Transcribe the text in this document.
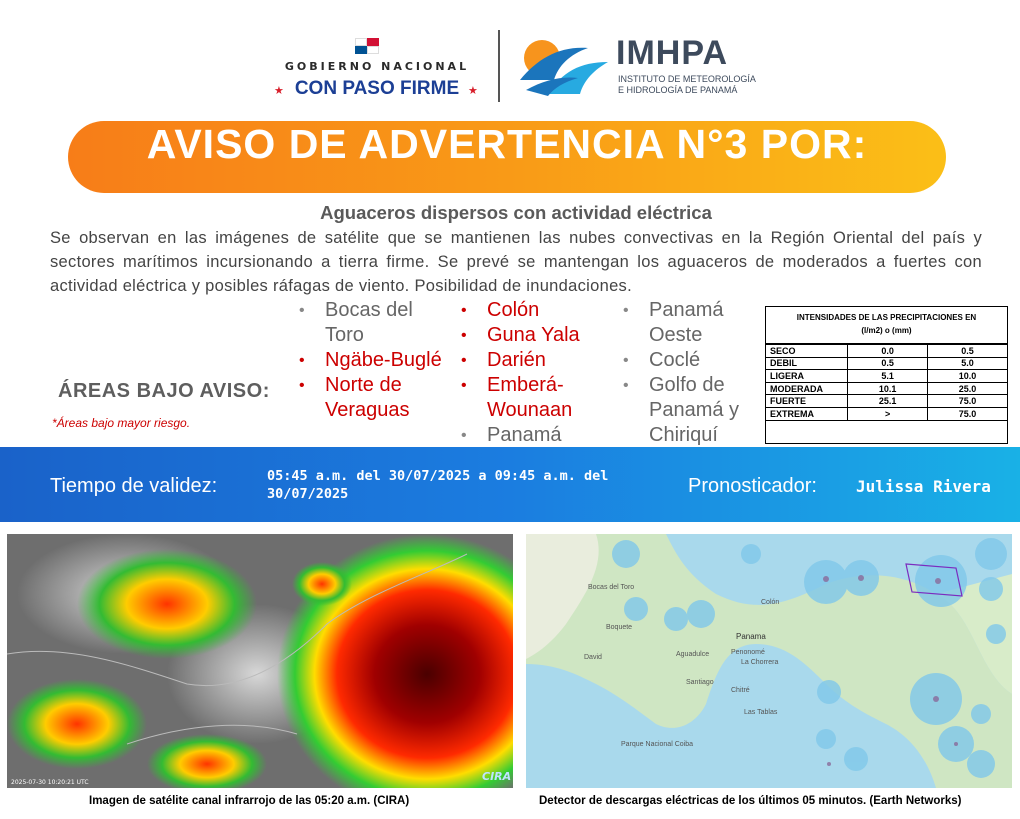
GOBIERNO NACIONAL
★ CON PASO FIRME ★
IMHPA
INSTITUTO DE METEOROLOGÍA
E HIDROLOGÍA DE PANAMÁ
AVISO DE ADVERTENCIA N°3 POR:
Aguaceros dispersos con actividad eléctrica
Se observan en las imágenes de satélite que se mantienen las nubes convectivas en la Región Oriental del país y sectores marítimos incursionando a tierra firme. Se prevé se mantengan los aguaceros de moderados a fuertes con actividad eléctrica y posibles ráfagas de viento. Posibilidad de inundaciones.
ÁREAS BAJO AVISO:
*Áreas bajo mayor riesgo.
• Bocas del Toro
• Ngäbe-Buglé
• Norte de Veraguas
• Colón
• Guna Yala
• Darién
• Emberá-Wounaan
• Panamá
• Panamá Oeste
• Coclé
• Golfo de Panamá y Chiriquí
INTENSIDADES DE LAS PRECIPITACIONES EN
(l/m2) o (mm)
SECO	0.0	0.5
DEBIL	0.5	5.0
LIGERA	5.1	10.0
MODERADA	10.1	25.0
FUERTE	25.1	75.0
EXTREMA	>	75.0
Tiempo de validez:	05:45 a.m. del 30/07/2025 a 09:45 a.m. del
30/07/2025	Pronosticador: Julissa Rivera
2025-07-30 10:20:21 UTC	CIRA
Bocas del Toro
Panama
Colón
Penonomé
Santiago
Chitré
Las Tablas
David
Boquete
La Chorrera
Aguadulce
Parque Nacional Coiba
Imagen de satélite canal infrarrojo de las 05:20 a.m. (CIRA)	Detector de descargas eléctricas de los últimos 05 minutos. (Earth Networks)
